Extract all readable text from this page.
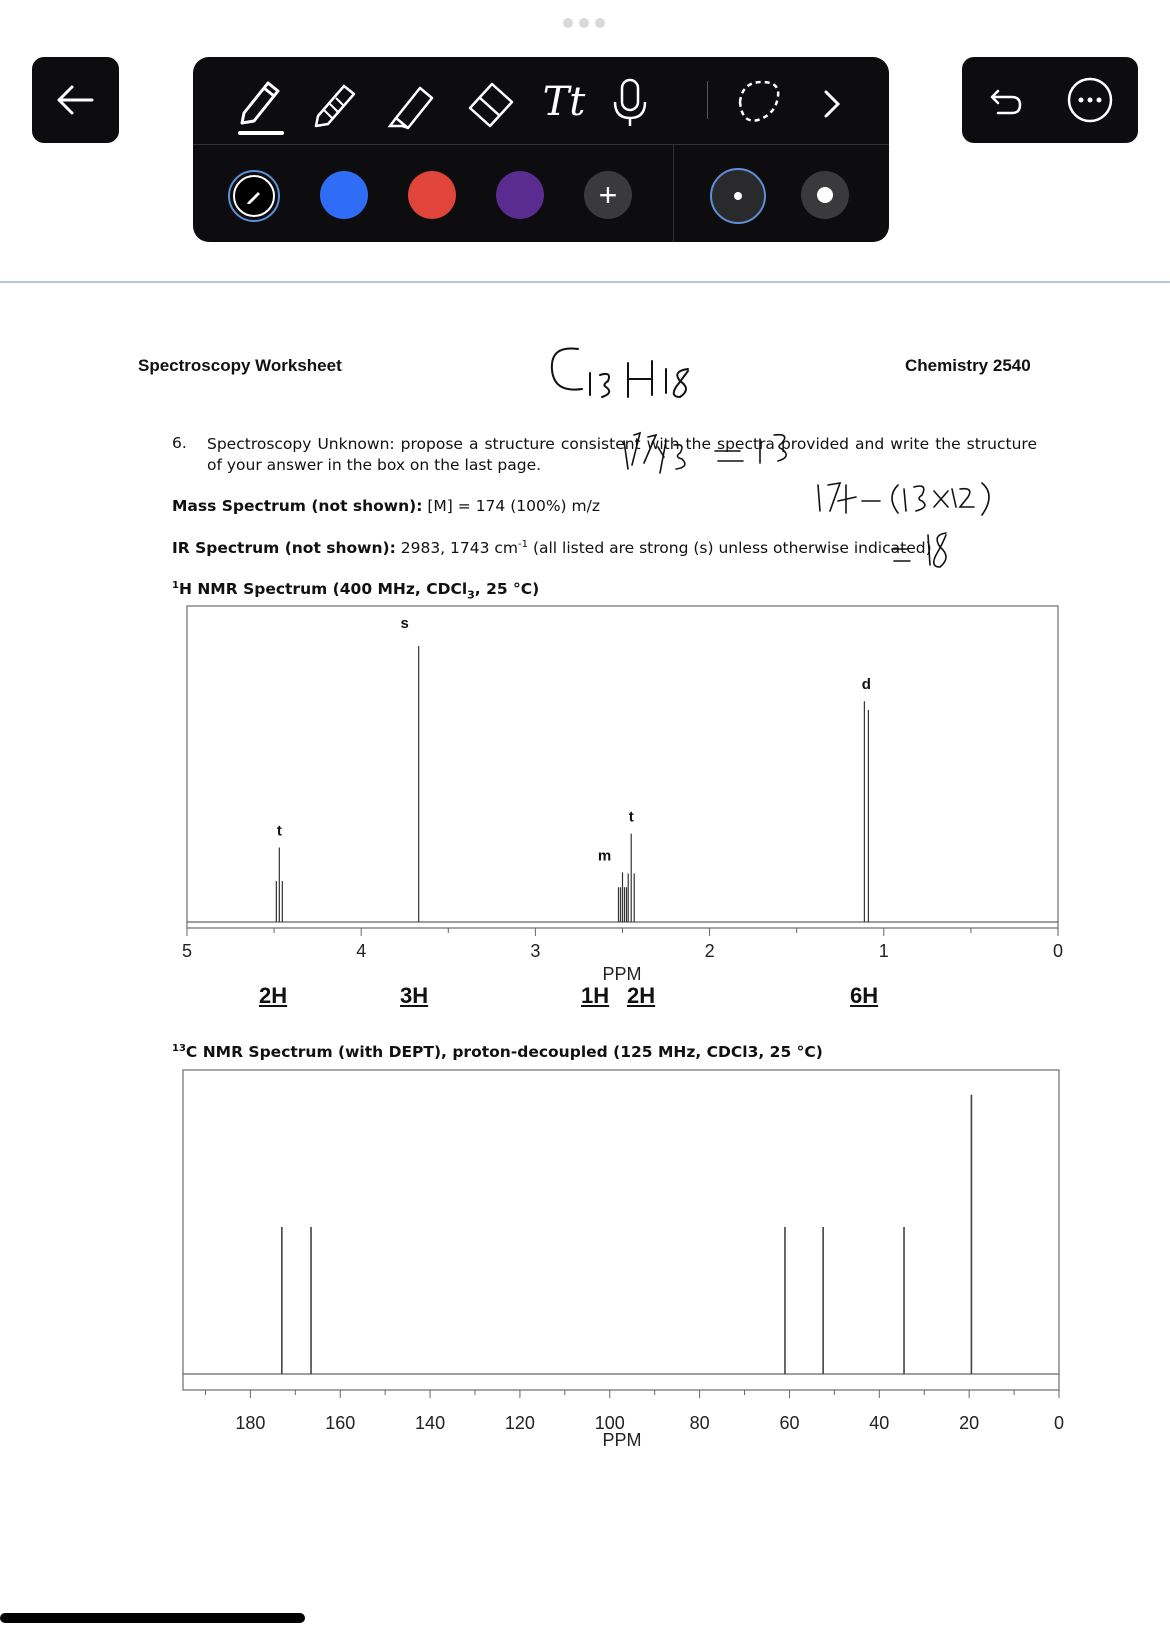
Tt
+
Spectroscopy Worksheet	Chemistry 2540
6. Spectroscopy Unknown: propose a structure consistent with the spectra provided and write the structure of your answer in the box on the last page.
Mass Spectrum (not shown): [M] = 174 (100%) m/z
IR Spectrum (not shown): 2983, 1743 $cm^{-1}$ (all listed are strong (s) unless otherwise indicated)
$^1$H NMR Spectrum (400 MHz, CDCl$_3$, 25 °C)
5	4	3	2	1	0
PPM
t
s
m
t
d
2H	3H	1H 2H	6H
$^{13}$C NMR Spectrum (with DEPT), proton-decoupled (125 MHz, CDCl3, 25 °C)
180	160	140	120	100	80	60	40	20	0
PPM
